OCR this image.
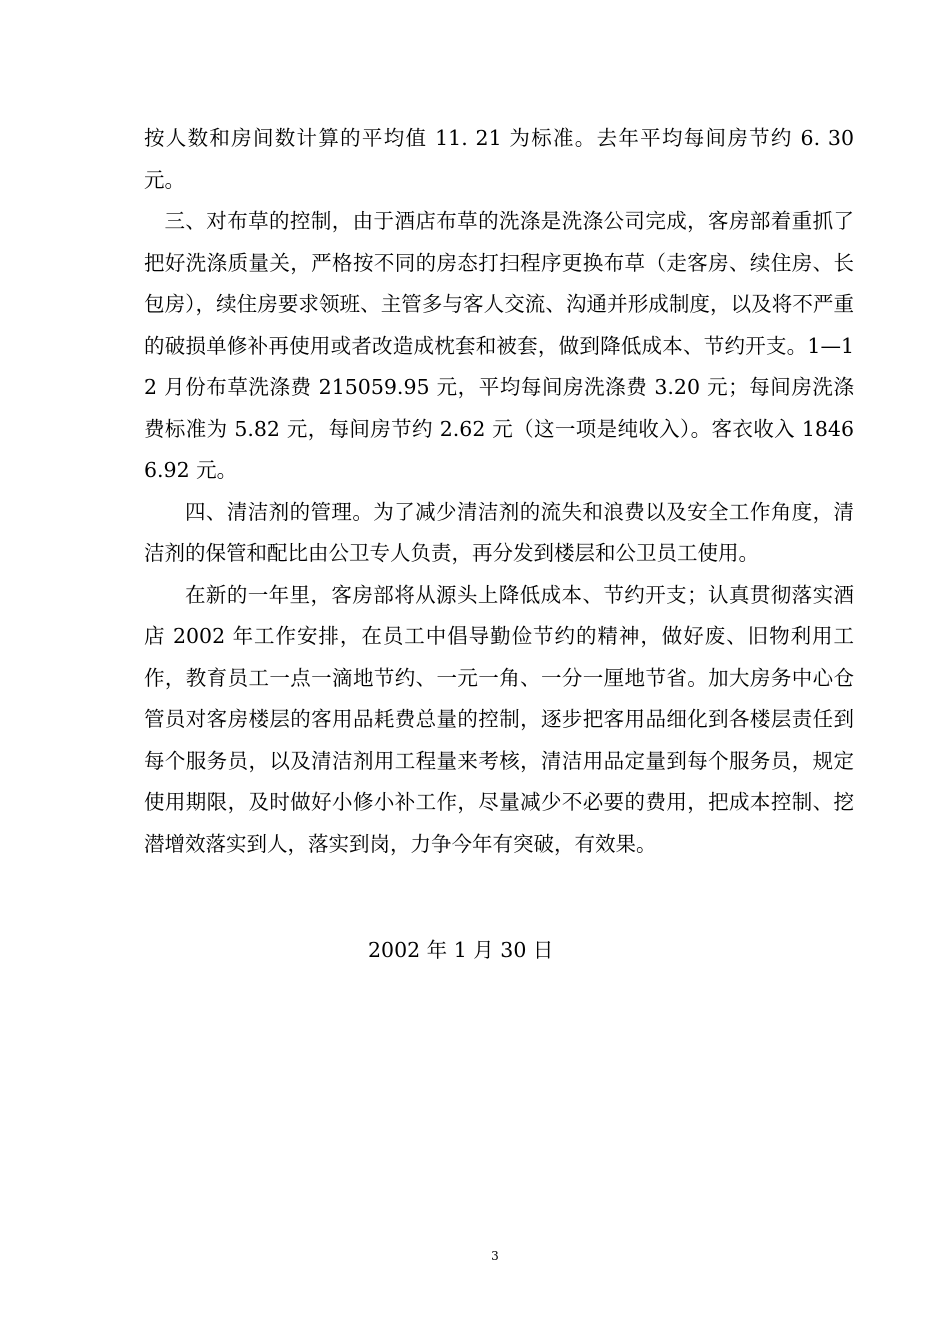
按人数和房间数计算的平均值 11. 21 为标准。去年平均每间房节约 6. 30 元。

三、对布草的控制，由于酒店布草的洗涤是洗涤公司完成，客房部着重抓了把好洗涤质量关，严格按不同的房态打扫程序更换布草（走客房、续住房、长包房），续住房要求领班、主管多与客人交流、沟通并形成制度，以及将不严重的破损单修补再使用或者改造成枕套和被套，做到降低成本、节约开支。1—12 月份布草洗涤费 215059.95 元，平均每间房洗涤费 3.20 元；每间房洗涤费标准为 5.82 元，每间房节约 2.62 元（这一项是纯收入）。客衣收入 18466.92 元。

四、清洁剂的管理。为了减少清洁剂的流失和浪费以及安全工作角度，清洁剂的保管和配比由公卫专人负责，再分发到楼层和公卫员工使用。

在新的一年里，客房部将从源头上降低成本、节约开支；认真贯彻落实酒店 2002 年工作安排，在员工中倡导勤俭节约的精神，做好废、旧物利用工作，教育员工一点一滴地节约、一元一角、一分一厘地节省。加大房务中心仓管员对客房楼层的客用品耗费总量的控制，逐步把客用品细化到各楼层责任到每个服务员，以及清洁剂用工程量来考核，清洁用品定量到每个服务员，规定使用期限，及时做好小修小补工作，尽量减少不必要的费用，把成本控制、挖潜增效落实到人，落实到岗，力争今年有突破，有效果。

2002 年 1 月 30 日
3
